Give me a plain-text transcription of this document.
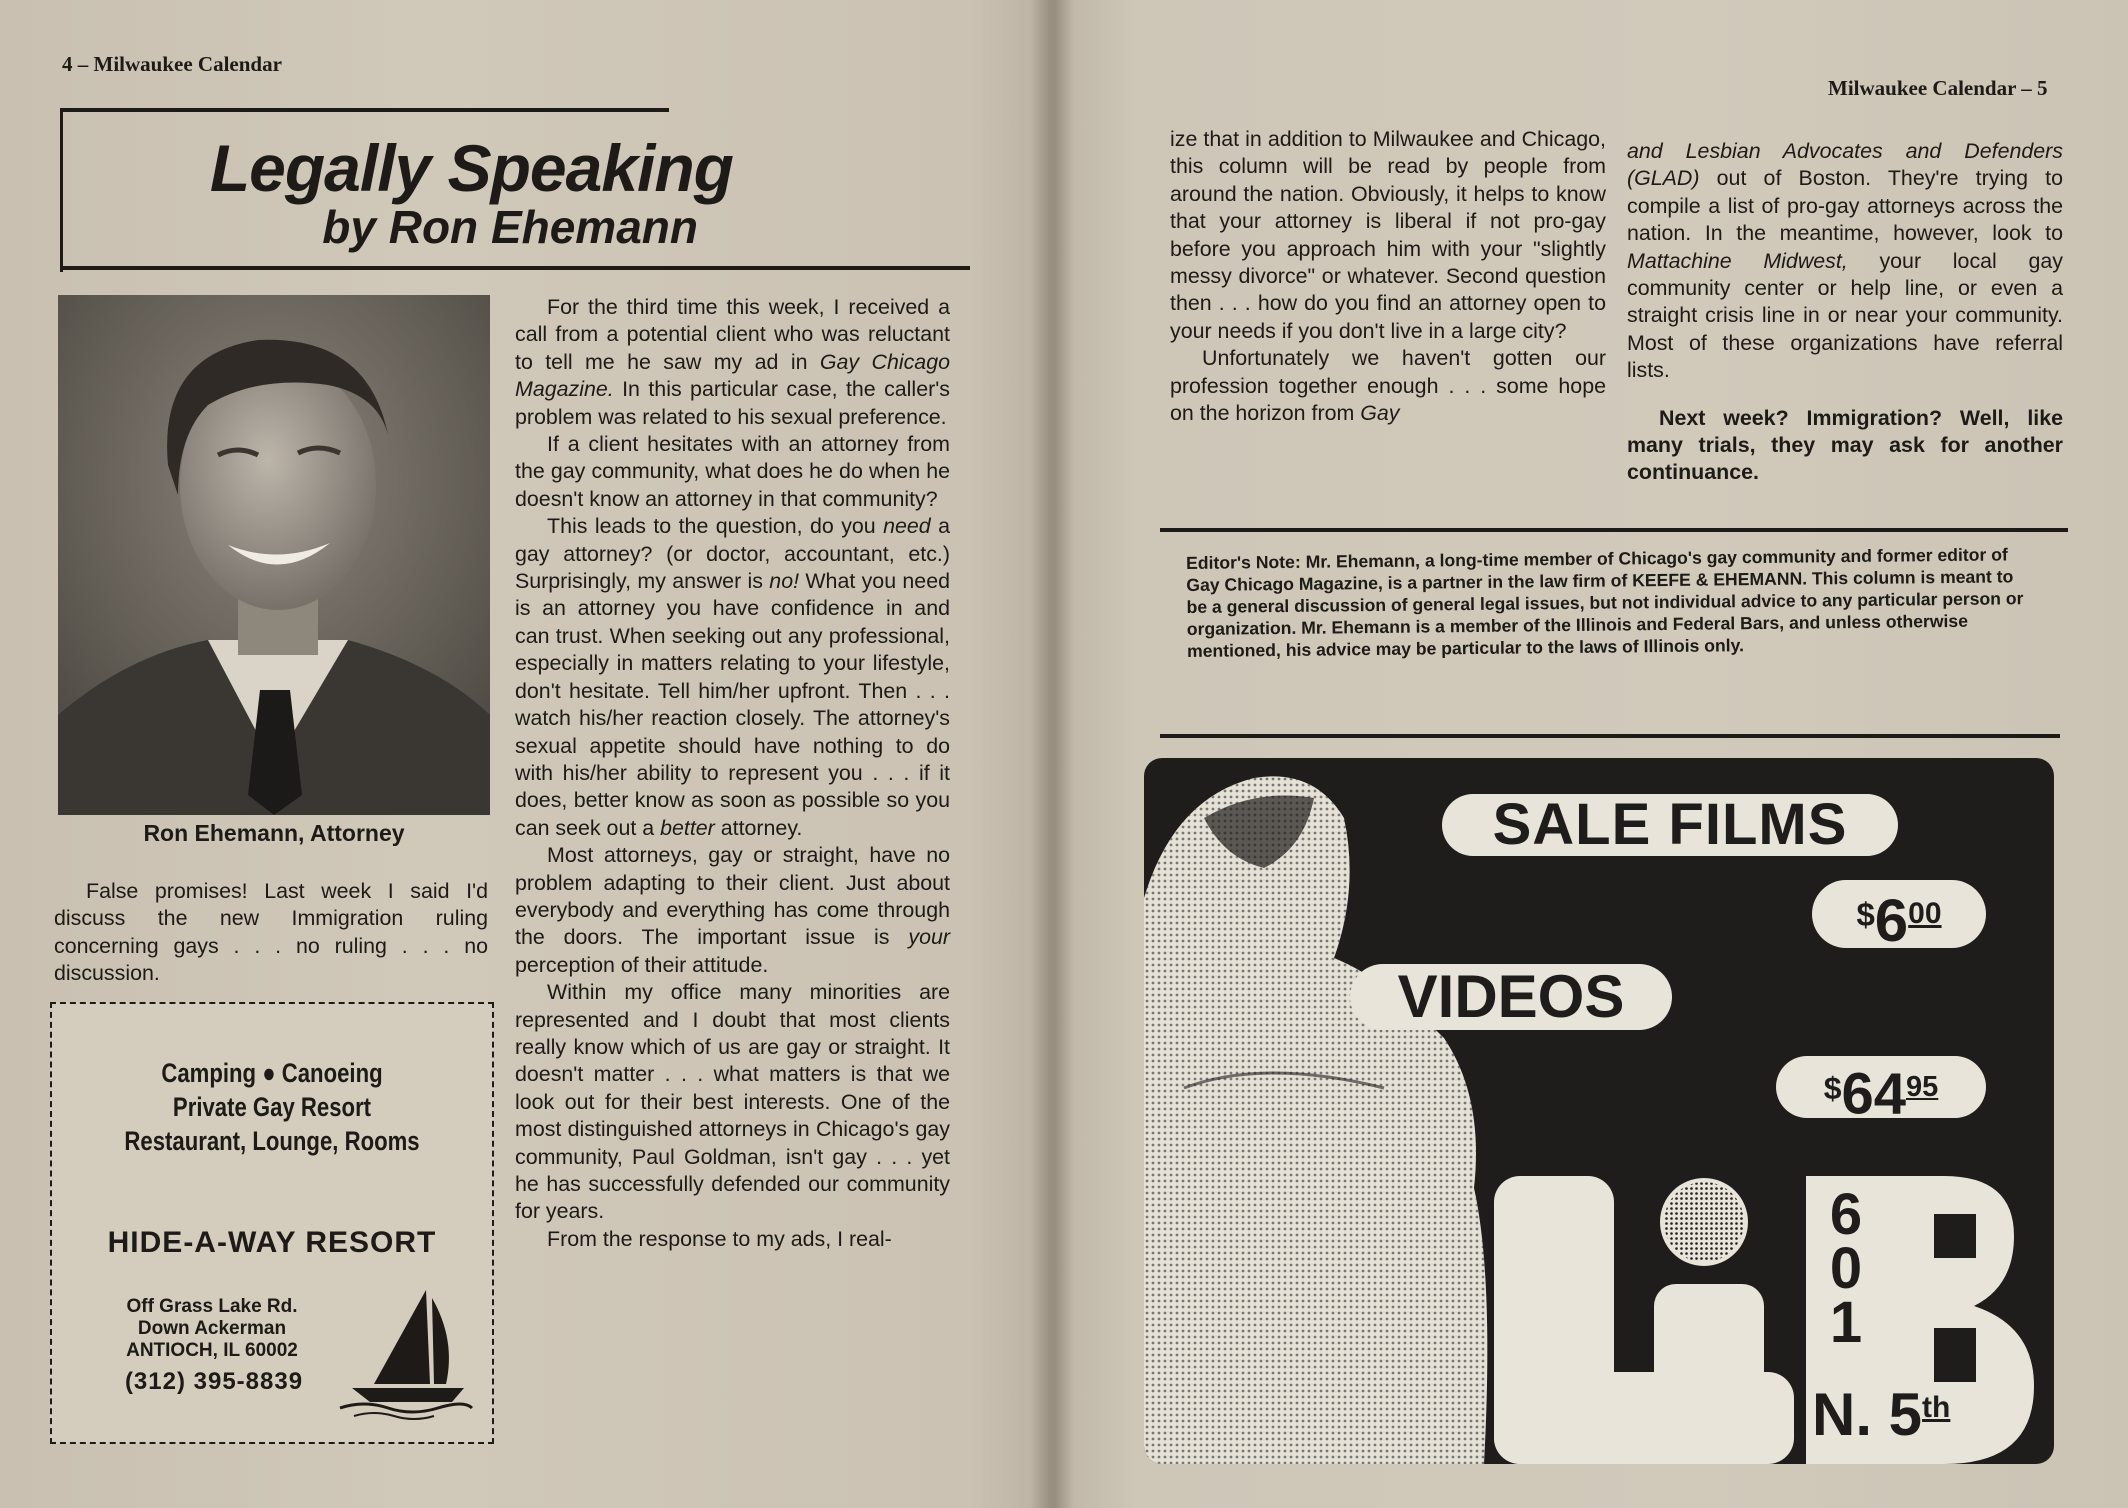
4 – Milwaukee Calendar
Milwaukee Calendar – 5
Legally Speaking
by Ron Ehemann
Ron Ehemann, Attorney

False promises! Last week I said I'd discuss the new Immigration ruling concerning gays . . . no ruling . . . no discussion.

For the third time this week, I received a call from a potential client who was reluctant to tell me he saw my ad in Gay Chicago Magazine. In this particular case, the caller's problem was related to his sexual preference.

If a client hesitates with an attorney from the gay community, what does he do when he doesn't know an attorney in that community?

This leads to the question, do you need a gay attorney? (or doctor, accountant, etc.) Surprisingly, my answer is no! What you need is an attorney you have confidence in and can trust. When seeking out any professional, especially in matters relating to your lifestyle, don't hesitate. Tell him/her upfront. Then . . . watch his/her reaction closely. The attorney's sexual appetite should have nothing to do with his/her ability to represent you . . . if it does, better know as soon as possible so you can seek out a better attorney.

Most attorneys, gay or straight, have no problem adapting to their client. Just about everybody and everything has come through the doors. The important issue is your perception of their attitude.

Within my office many minorities are represented and I doubt that most clients really know which of us are gay or straight. It doesn't matter . . . what matters is that we look out for their best interests. One of the most distinguished attorneys in Chicago's gay community, Paul Goldman, isn't gay . . . yet he has successfully defended our community for years.

From the response to my ads, I real-

Camping ● Canoeing
Private Gay Resort
Restaurant, Lounge, Rooms
HIDE-A-WAY RESORT
Off Grass Lake Rd.
Down Ackerman
ANTIOCH, IL 60002
(312) 395-8839

ize that in addition to Milwaukee and Chicago, this column will be read by people from around the nation. Obviously, it helps to know that your attorney is liberal if not pro-gay before you approach him with your "slightly messy divorce" or whatever. Second question then . . . how do you find an attorney open to your needs if you don't live in a large city?

Unfortunately we haven't gotten our profession together enough . . . some hope on the horizon from Gay

and Lesbian Advocates and Defenders (GLAD) out of Boston. They're trying to compile a list of pro-gay attorneys across the nation. In the meantime, however, look to Mattachine Midwest, your local gay community center or help line, or even a straight crisis line in or near your community. Most of these organizations have referral lists.

Next week? Immigration? Well, like many trials, they may ask for another continuance.

Editor's Note: Mr. Ehemann, a long-time member of Chicago's gay community and former editor of Gay Chicago Magazine, is a partner in the law firm of KEEFE & EHEMANN. This column is meant to be a general discussion of general legal issues, but not individual advice to any particular person or organization. Mr. Ehemann is a member of the Illinois and Federal Bars, and unless otherwise mentioned, his advice may be particular to the laws of Illinois only.
SALE FILMS
$^{\$}6^{00}$
VIDEOS
$^{\$}64^{95}$
6
0
1
N. 5th
